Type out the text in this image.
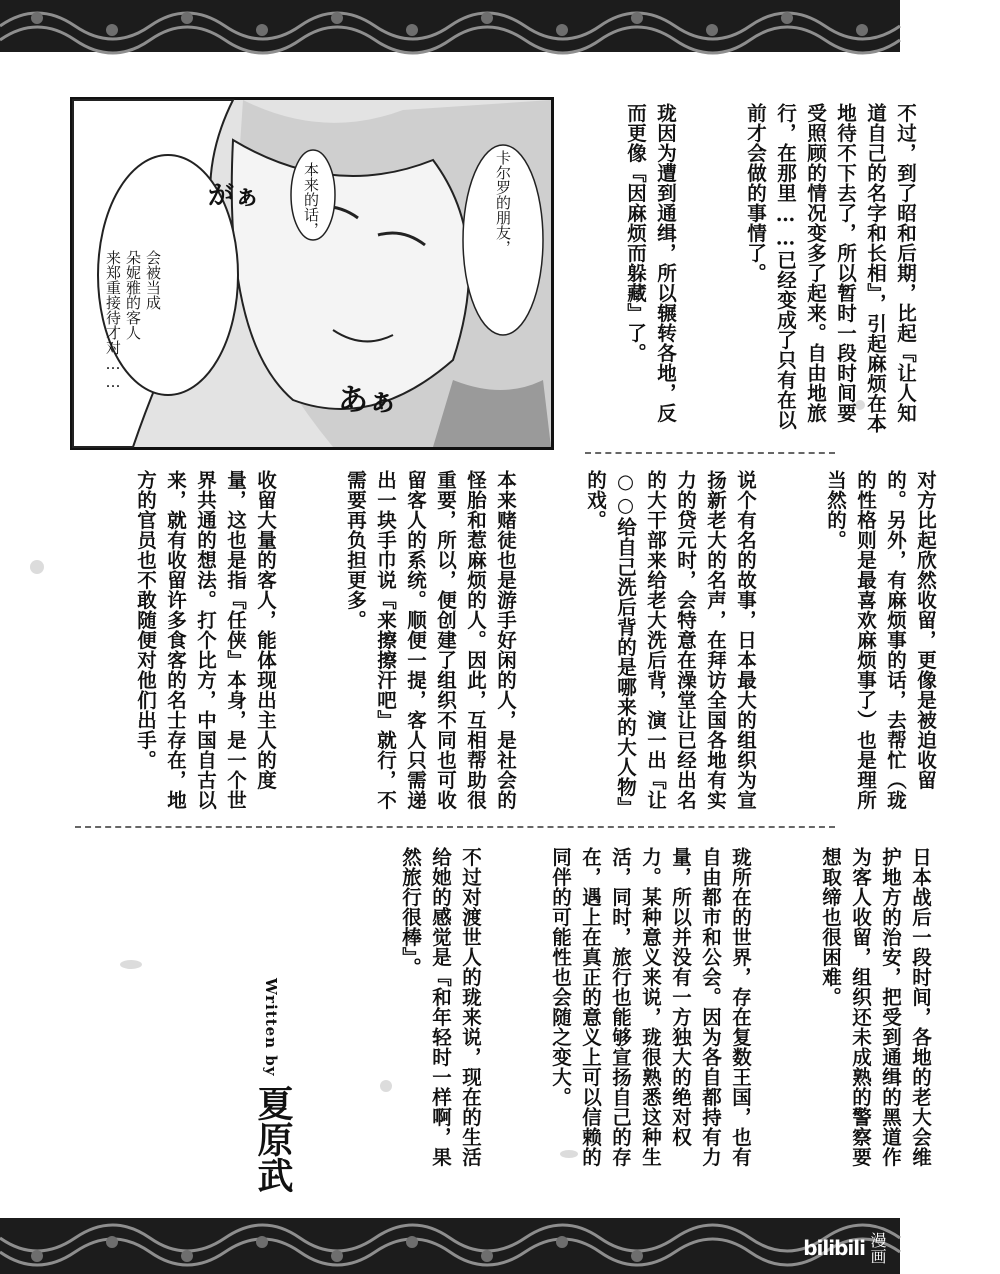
会被当成
朵妮雅的客人
来郑重接待才对……
本来的话，	卡尔罗的朋友，
がぁ
あぁ

	不过，到了昭和后期，比起『让人知道自己的名字和长相』，引起麻烦在本地待不下去了，所以暂时一段时间要受照顾的情况变多了起来。自由地旅行，在那里……已经变成了只有在以前才会做的事情了。

珑因为遭到通缉，所以辗转各地，反而更像『因麻烦而躲藏』了。

对方比起欣然收留，更像是被迫收留的。另外，有麻烦事的话，去帮忙（珑的性格则是最喜欢麻烦事了）也是理所当然的。

说个有名的故事，日本最大的组织为宣扬新老大的名声，在拜访全国各地有实力的贷元时，会特意在澡堂让已经出名的大干部来给老大洗后背，演一出『让○○给自己洗后背的是哪来的大人物』的戏。

本来赌徒也是游手好闲的人，是社会的怪胎和惹麻烦的人。因此，互相帮助很重要，所以，便创建了组织不同也可收留客人的系统。顺便一提，客人只需递出一块手巾说『来擦擦汗吧』就行，不需要再负担更多。

收留大量的客人，能体现出主人的度量，这也是指『任侠』本身，是一个世界共通的想法。打个比方，中国自古以来，就有收留许多食客的名士存在，地方的官员也不敢随便对他们出手。

日本战后一段时间，各地的老大会维护地方的治安，把受到通缉的黑道作为客人收留，组织还未成熟的警察要想取缔也很困难。

珑所在的世界，存在复数王国，也有自由都市和公会。因为各自都持有力量，所以并没有一方独大的绝对权力。某种意义来说，珑很熟悉这种生活，同时，旅行也能够宣扬自己的存在，遇上在真正的意义上可以信赖的同伴的可能性也会随之变大。

不过对渡世人的珑来说，现在的生活给她的感觉是『和年轻时一样啊，果然旅行很棒』。

Written by
夏原武
bilibili 漫画
